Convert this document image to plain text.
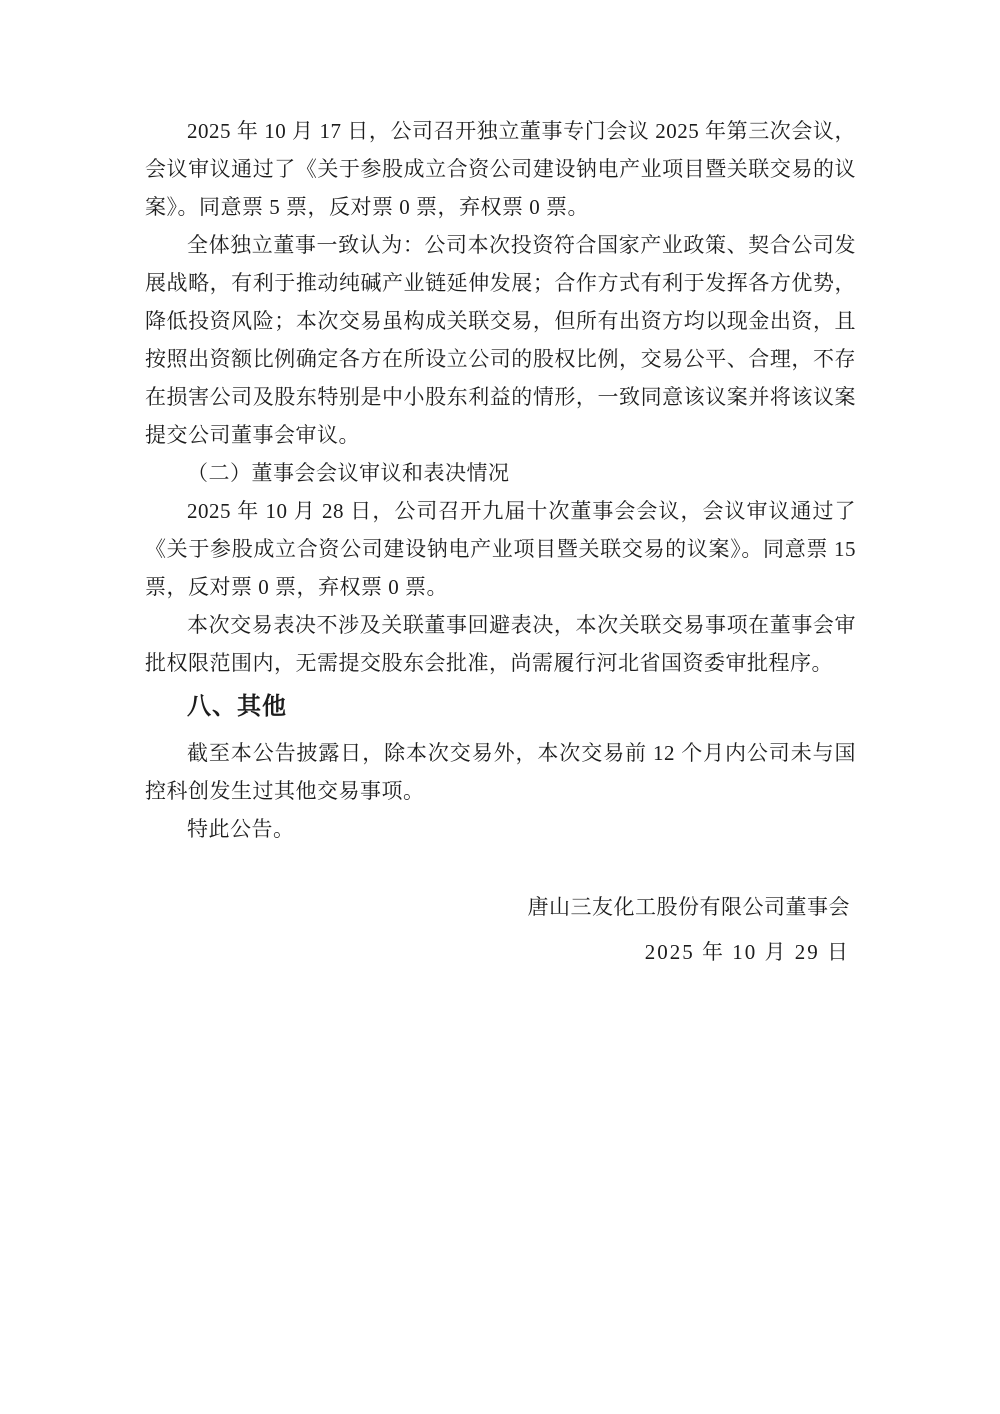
2025 年 10 月 17 日，公司召开独立董事专门会议 2025 年第三次会议，会议审议通过了《关于参股成立合资公司建设钠电产业项目暨关联交易的议案》。同意票 5 票，反对票 0 票，弃权票 0 票。

全体独立董事一致认为：公司本次投资符合国家产业政策、契合公司发展战略，有利于推动纯碱产业链延伸发展；合作方式有利于发挥各方优势，降低投资风险；本次交易虽构成关联交易，但所有出资方均以现金出资，且按照出资额比例确定各方在所设立公司的股权比例，交易公平、合理，不存在损害公司及股东特别是中小股东利益的情形，一致同意该议案并将该议案提交公司董事会审议。

（二）董事会会议审议和表决情况

2025 年 10 月 28 日，公司召开九届十次董事会会议，会议审议通过了《关于参股成立合资公司建设钠电产业项目暨关联交易的议案》。同意票 15 票，反对票 0 票，弃权票 0 票。

本次交易表决不涉及关联董事回避表决，本次关联交易事项在董事会审批权限范围内，无需提交股东会批准，尚需履行河北省国资委审批程序。

八、其他

截至本公告披露日，除本次交易外，本次交易前 12 个月内公司未与国控科创发生过其他交易事项。

特此公告。

唐山三友化工股份有限公司董事会

2025 年 10 月 29 日
